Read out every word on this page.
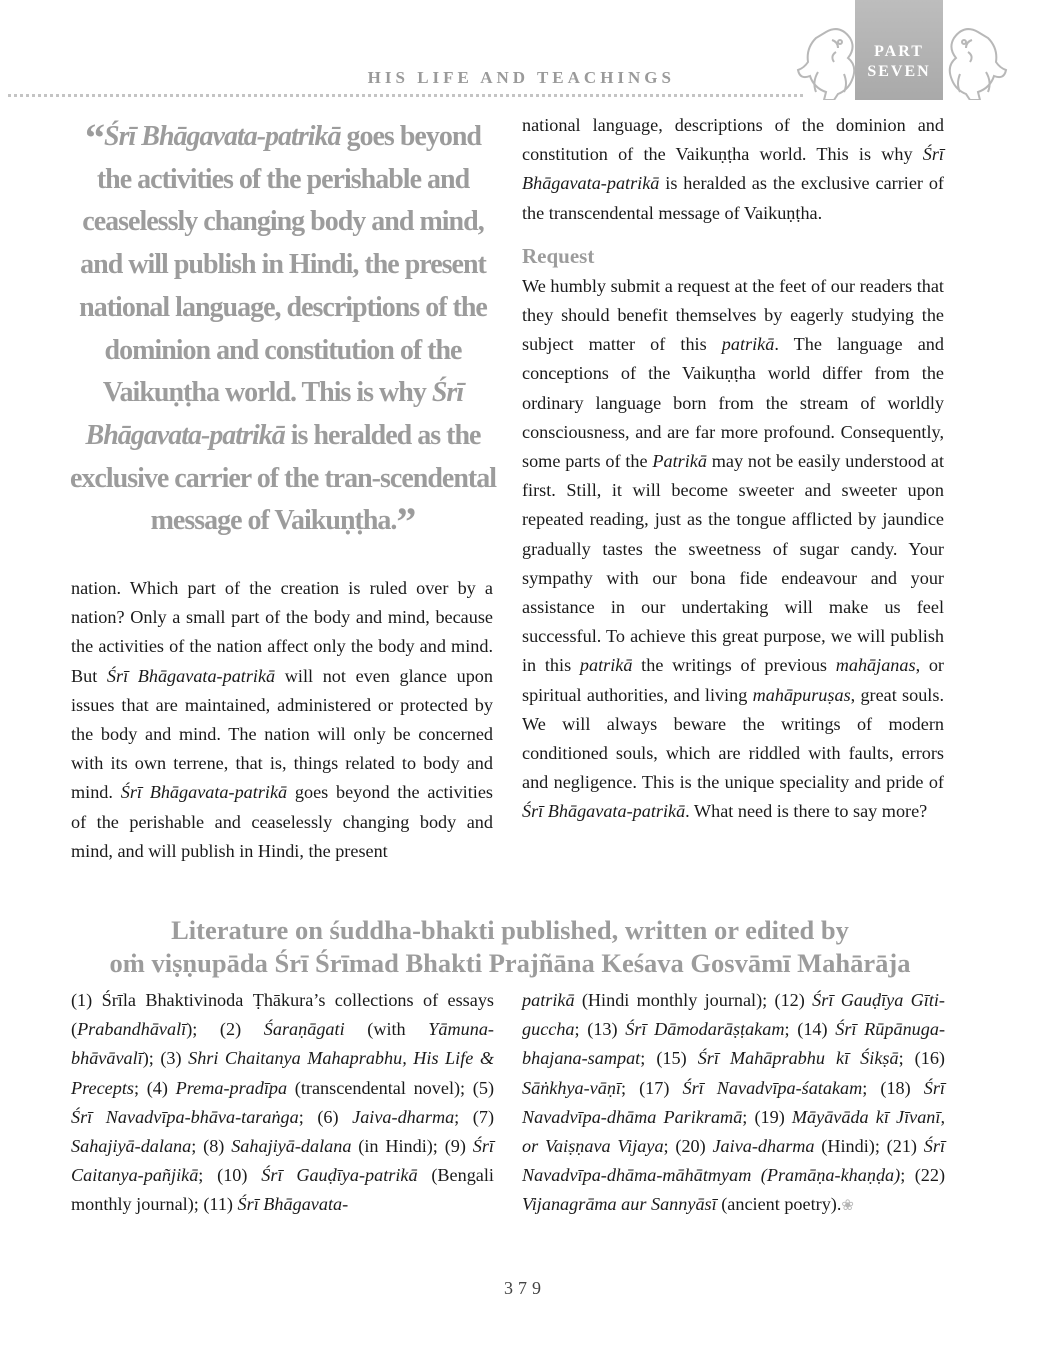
HIS LIFE AND TEACHINGS
PART
SEVEN
“Śrī Bhāgavata-patrikā goes beyond the activities of the perishable and ceaselessly changing body and mind, and will publish in Hindi, the present national language, descriptions of the dominion and constitution of the Vaikuṇṭha world. This is why Śrī Bhāgavata-patrikā is heralded as the exclusive carrier of the tran-scendental message of Vaikuṇṭha.”

nation. Which part of the creation is ruled over by a nation? Only a small part of the body and mind, because the activities of the nation affect only the body and mind. But Śrī Bhāgavata-patrikā will not even glance upon issues that are maintained, administered or protected by the body and mind. The nation will only be concerned with its own terrene, that is, things related to body and mind. Śrī Bhāgavata-patrikā goes beyond the activities of the perishable and ceaselessly changing body and mind, and will publish in Hindi, the present

national language, descriptions of the dominion and constitution of the Vaikuṇṭha world. This is why Śrī Bhāgavata-patrikā is heralded as the exclusive carrier of the transcendental message of Vaikuṇṭha.

Request

We humbly submit a request at the feet of our readers that they should benefit themselves by eagerly studying the subject matter of this patrikā. The language and conceptions of the Vaikuṇṭha world differ from the ordinary language born from the stream of worldly consciousness, and are far more profound. Consequently, some parts of the Patrikā may not be easily understood at first. Still, it will become sweeter and sweeter upon repeated reading, just as the tongue afflicted by jaundice gradually tastes the sweetness of sugar candy. Your sympathy with our bona fide endeavour and your assistance in our undertaking will make us feel successful. To achieve this great purpose, we will publish in this patrikā the writings of previous mahājanas, or spiritual authorities, and living mahāpuruṣas, great souls. We will always beware the writings of modern conditioned souls, which are riddled with faults, errors and negligence. This is the unique speciality and pride of Śrī Bhāgavata-patrikā. What need is there to say more?

Literature on śuddha-bhakti published, written or edited by
oṁ viṣṇupāda Śrī Śrīmad Bhakti Prajñāna Keśava Gosvāmī Mahārāja
(1) Śrīla Bhaktivinoda Ṭhākura’s collections of essays (Prabandhāvalī); (2) Śaraṇāgati (with Yāmuna-bhāvāvalī); (3) Shri Chaitanya Mahaprabhu, His Life & Precepts; (4) Prema-pradīpa (transcendental novel); (5) Śrī Navadvīpa-bhāva-taraṅga; (6) Jaiva-dharma; (7) Sahajiyā-dalana; (8) Sahajiyā-dalana (in Hindi); (9) Śrī Caitanya-pañjikā; (10) Śrī Gauḍīya-patrikā (Bengali monthly journal); (11) Śrī Bhāgavata-
patrikā (Hindi monthly journal); (12) Śrī Gauḍīya Gīti-guccha; (13) Śrī Dāmodarāṣṭakam; (14) Śrī Rūpānuga-bhajana-sampat; (15) Śrī Mahāprabhu kī Śikṣā; (16) Sāṅkhya-vāṇī; (17) Śrī Navadvīpa-śatakam; (18) Śrī Navadvīpa-dhāma Parikramā; (19) Māyāvāda kī Jīvanī, or Vaiṣṇava Vijaya; (20) Jaiva-dharma (Hindi); (21) Śrī Navadvīpa-dhāma-māhātmyam (Pramāṇa-khaṇḍa); (22) Vijanagrāma aur Sannyāsī (ancient poetry).❀
379
